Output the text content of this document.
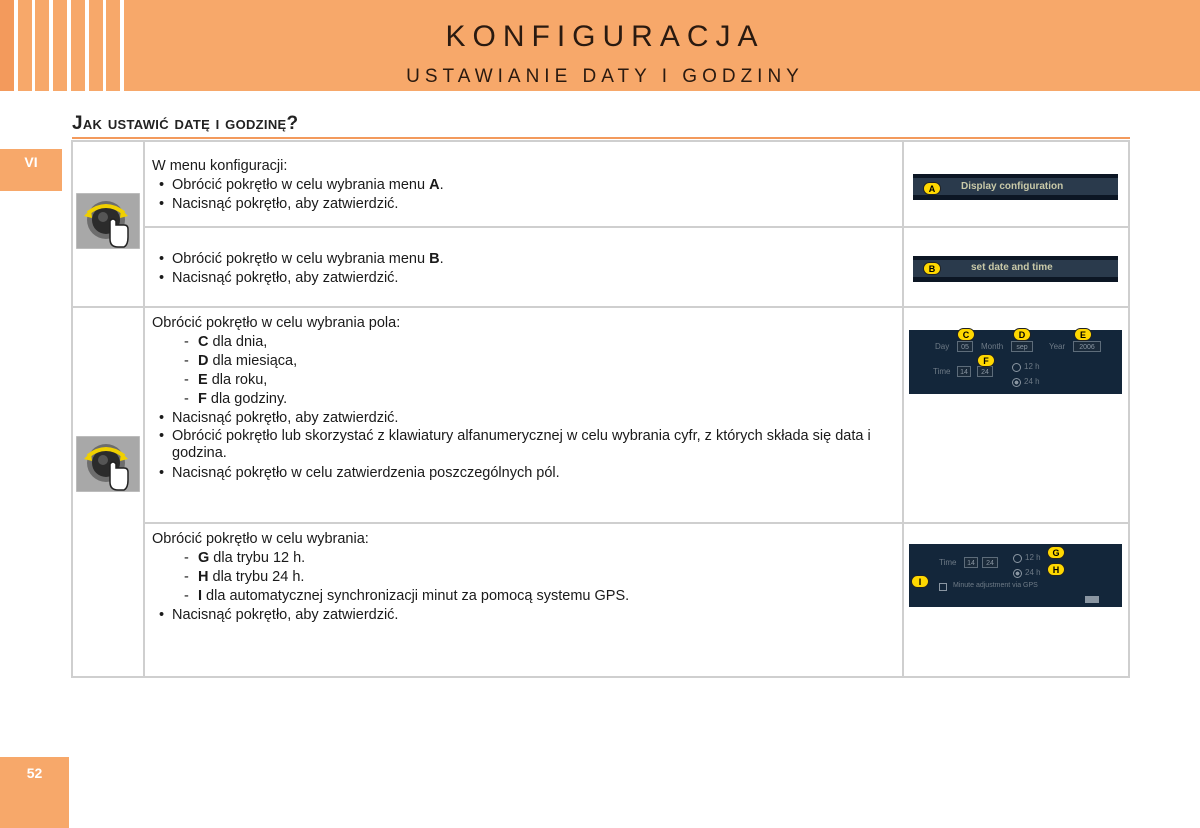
KONFIGURACJA
USTAWIANIE DATY I GODZINY
VI
Jak ustawić datę i godzinę?

W menu konfiguracji:

• Obrócić pokrętło w celu wybrania menu A.

• Nacisnąć pokrętło, aby zatwierdzić.

• Obrócić pokrętło w celu wybrania menu B.

• Nacisnąć pokrętło, aby zatwierdzić.

Obrócić pokrętło w celu wybrania pola:

- C dla dnia,

- D dla miesiąca,

- E dla roku,

- F dla godziny.

• Nacisnąć pokrętło, aby zatwierdzić.

• Obrócić pokrętło lub skorzystać z klawiatury alfanumerycznej w celu wybrania cyfr, z których składa się data i godzina.

• Nacisnąć pokrętło w celu zatwierdzenia poszczególnych pól.

Obrócić pokrętło w celu wybrania:

- G dla trybu 12 h.

- H dla trybu 24 h.

- I dla automatycznej synchronizacji minut za pomocą systemu GPS.

• Nacisnąć pokrętło, aby zatwierdzić.

A	Display configuration
B	set date and time
Day	05	Month	sep	Year	2006
Time	14	24
12 h
24 h
C	D	E
F
Time	14	24
12 h
24 h
Minute adjustment via GPS
G
H
I
52
